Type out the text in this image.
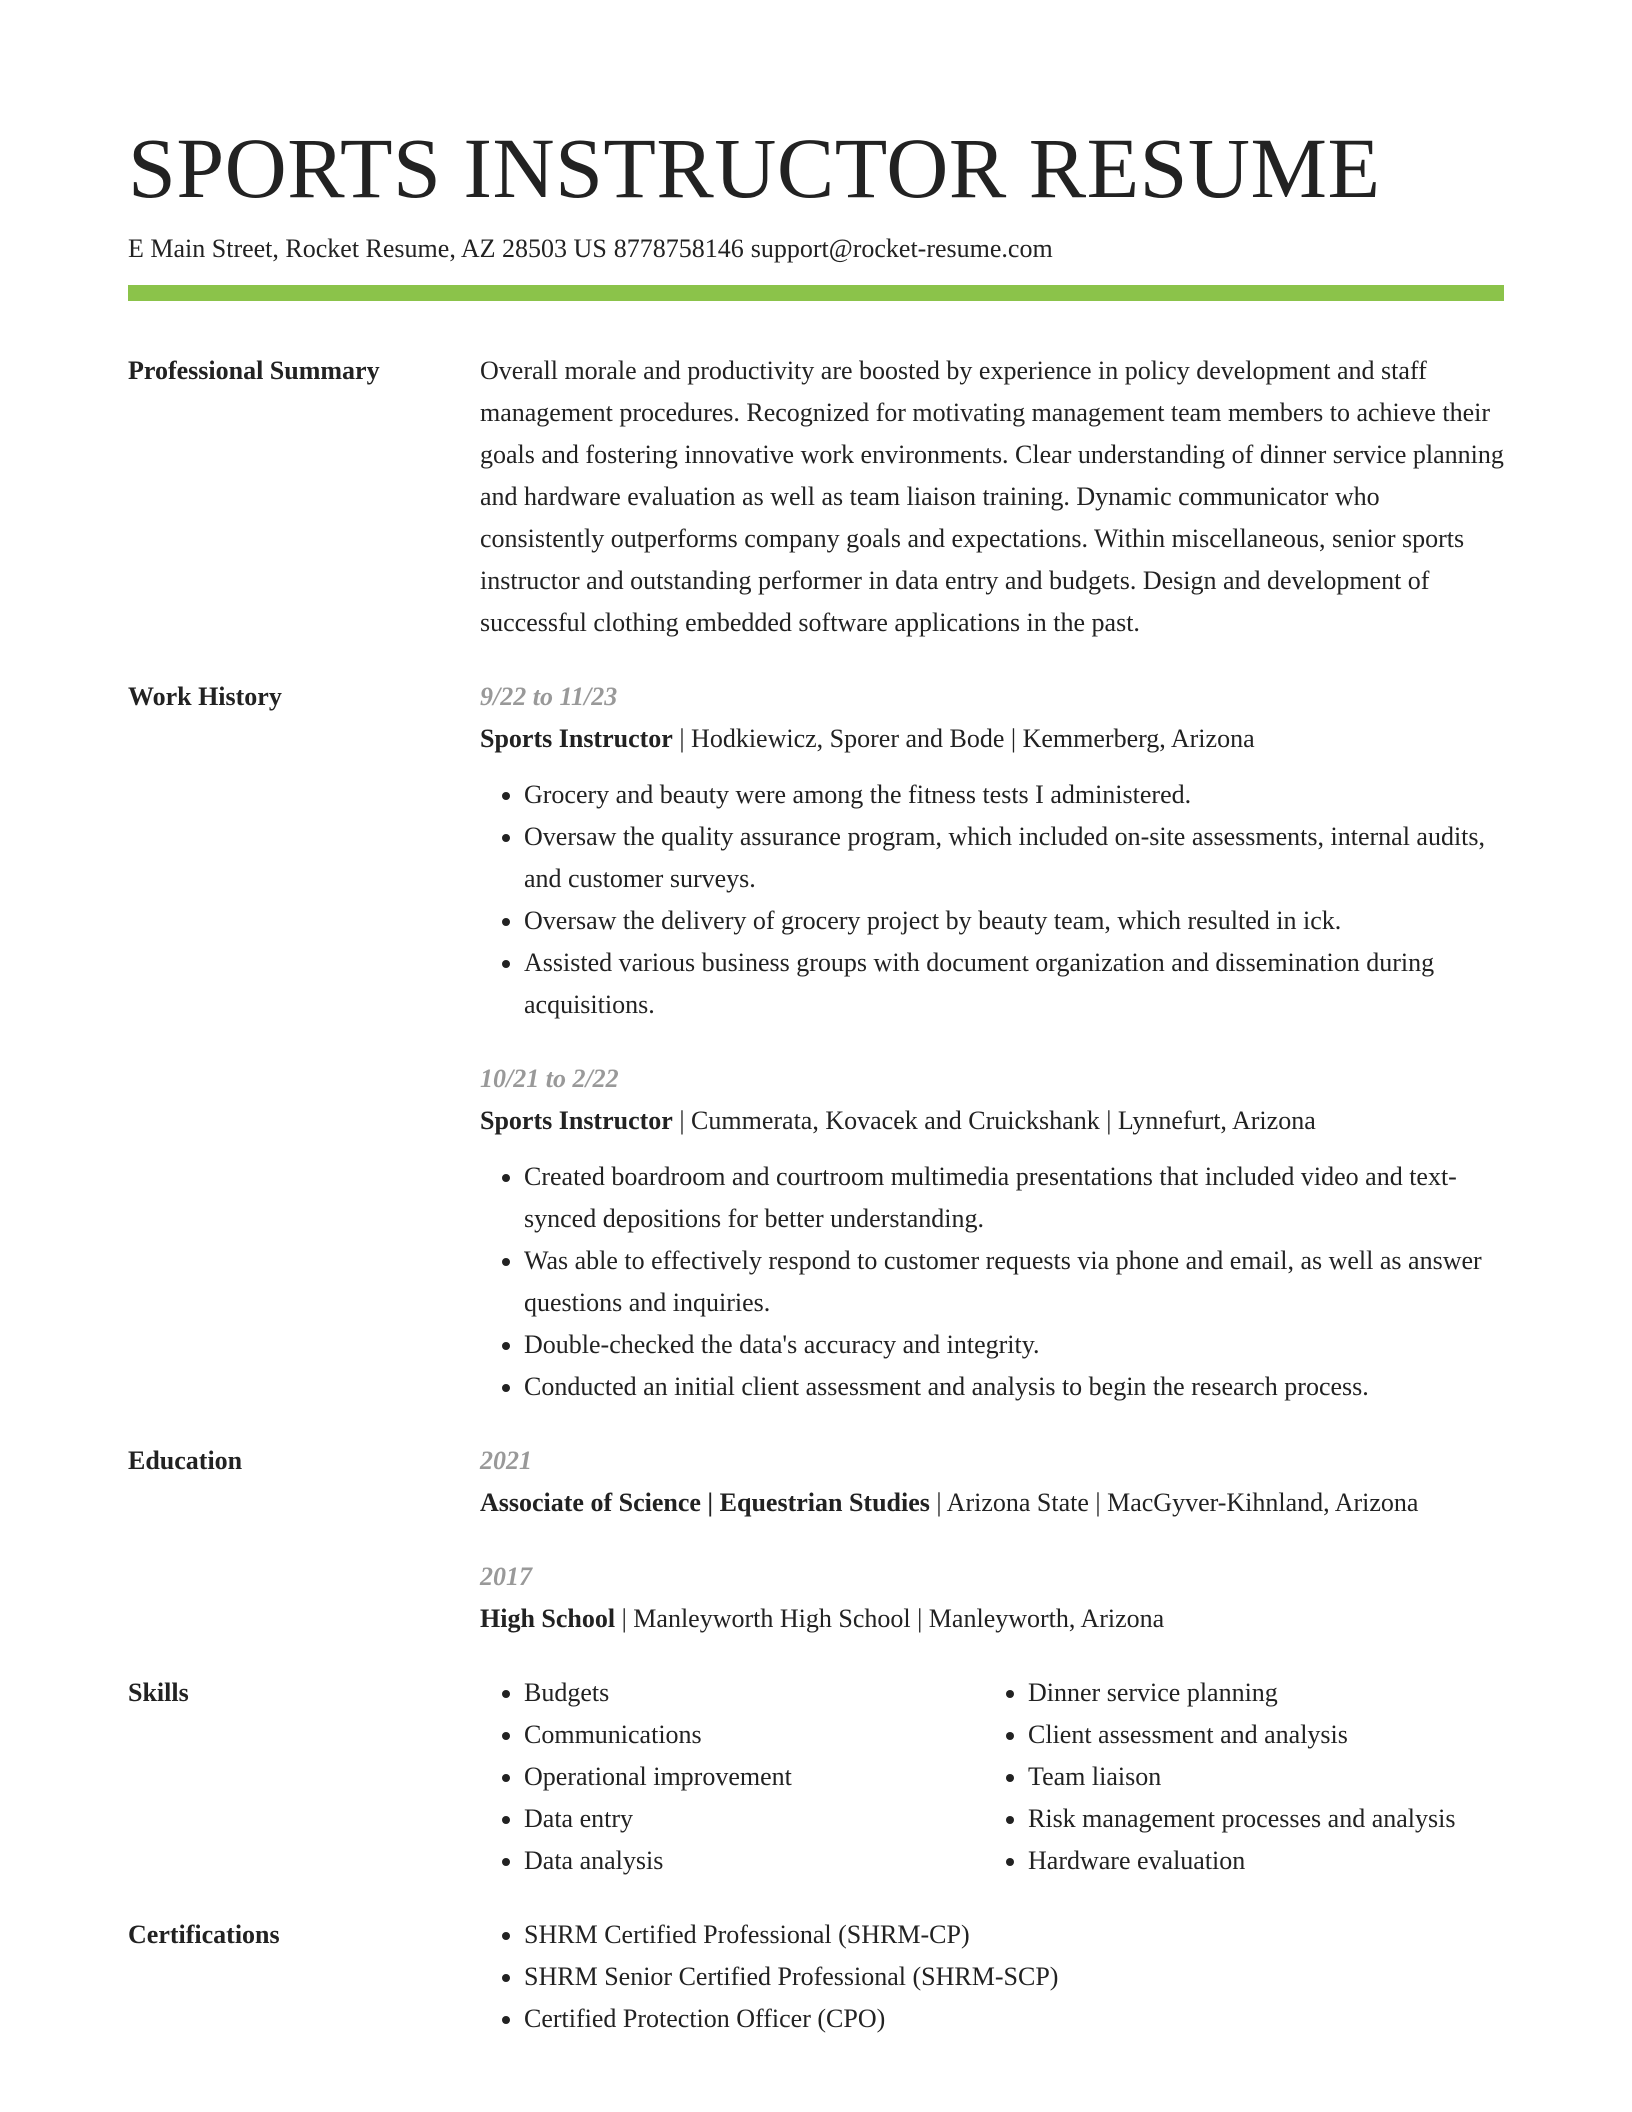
SPORTS INSTRUCTOR RESUME
E Main Street, Rocket Resume, AZ 28503 US 8778758146 support@rocket-resume.com
Professional Summary	Overall morale and productivity are boosted by experience in policy development and staff management procedures. Recognized for motivating management team members to achieve their goals and fostering innovative work environments. Clear understanding of dinner service planning and hardware evaluation as well as team liaison training. Dynamic communicator who consistently outperforms company goals and expectations. Within miscellaneous, senior sports instructor and outstanding performer in data entry and budgets. Design and development of successful clothing embedded software applications in the past.

Work History	9/22 to 11/23
Sports Instructor | Hodkiewicz, Sporer and Bode | Kemmerberg, Arizona
• Grocery and beauty were among the fitness tests I administered.
• Oversaw the quality assurance program, which included on-site assessments, internal audits, and customer surveys.
• Oversaw the delivery of grocery project by beauty team, which resulted in ick.
• Assisted various business groups with document organization and dissemination during acquisitions.
10/21 to 2/22
Sports Instructor | Cummerata, Kovacek and Cruickshank | Lynnefurt, Arizona
• Created boardroom and courtroom multimedia presentations that included video and text-synced depositions for better understanding.
• Was able to effectively respond to customer requests via phone and email, as well as answer questions and inquiries.
• Double-checked the data's accuracy and integrity.
• Conducted an initial client assessment and analysis to begin the research process.
Education	2021
Associate of Science | Equestrian Studies | Arizona State | MacGyver-Kihnland, Arizona
2017
High School | Manleyworth High School | Manleyworth, Arizona
Skills	• Budgets
• Communications
• Operational improvement
• Data entry
• Data analysis
• Dinner service planning
• Client assessment and analysis
• Team liaison
• Risk management processes and analysis
• Hardware evaluation
Certifications	• SHRM Certified Professional (SHRM-CP)
• SHRM Senior Certified Professional (SHRM-SCP)
• Certified Protection Officer (CPO)
